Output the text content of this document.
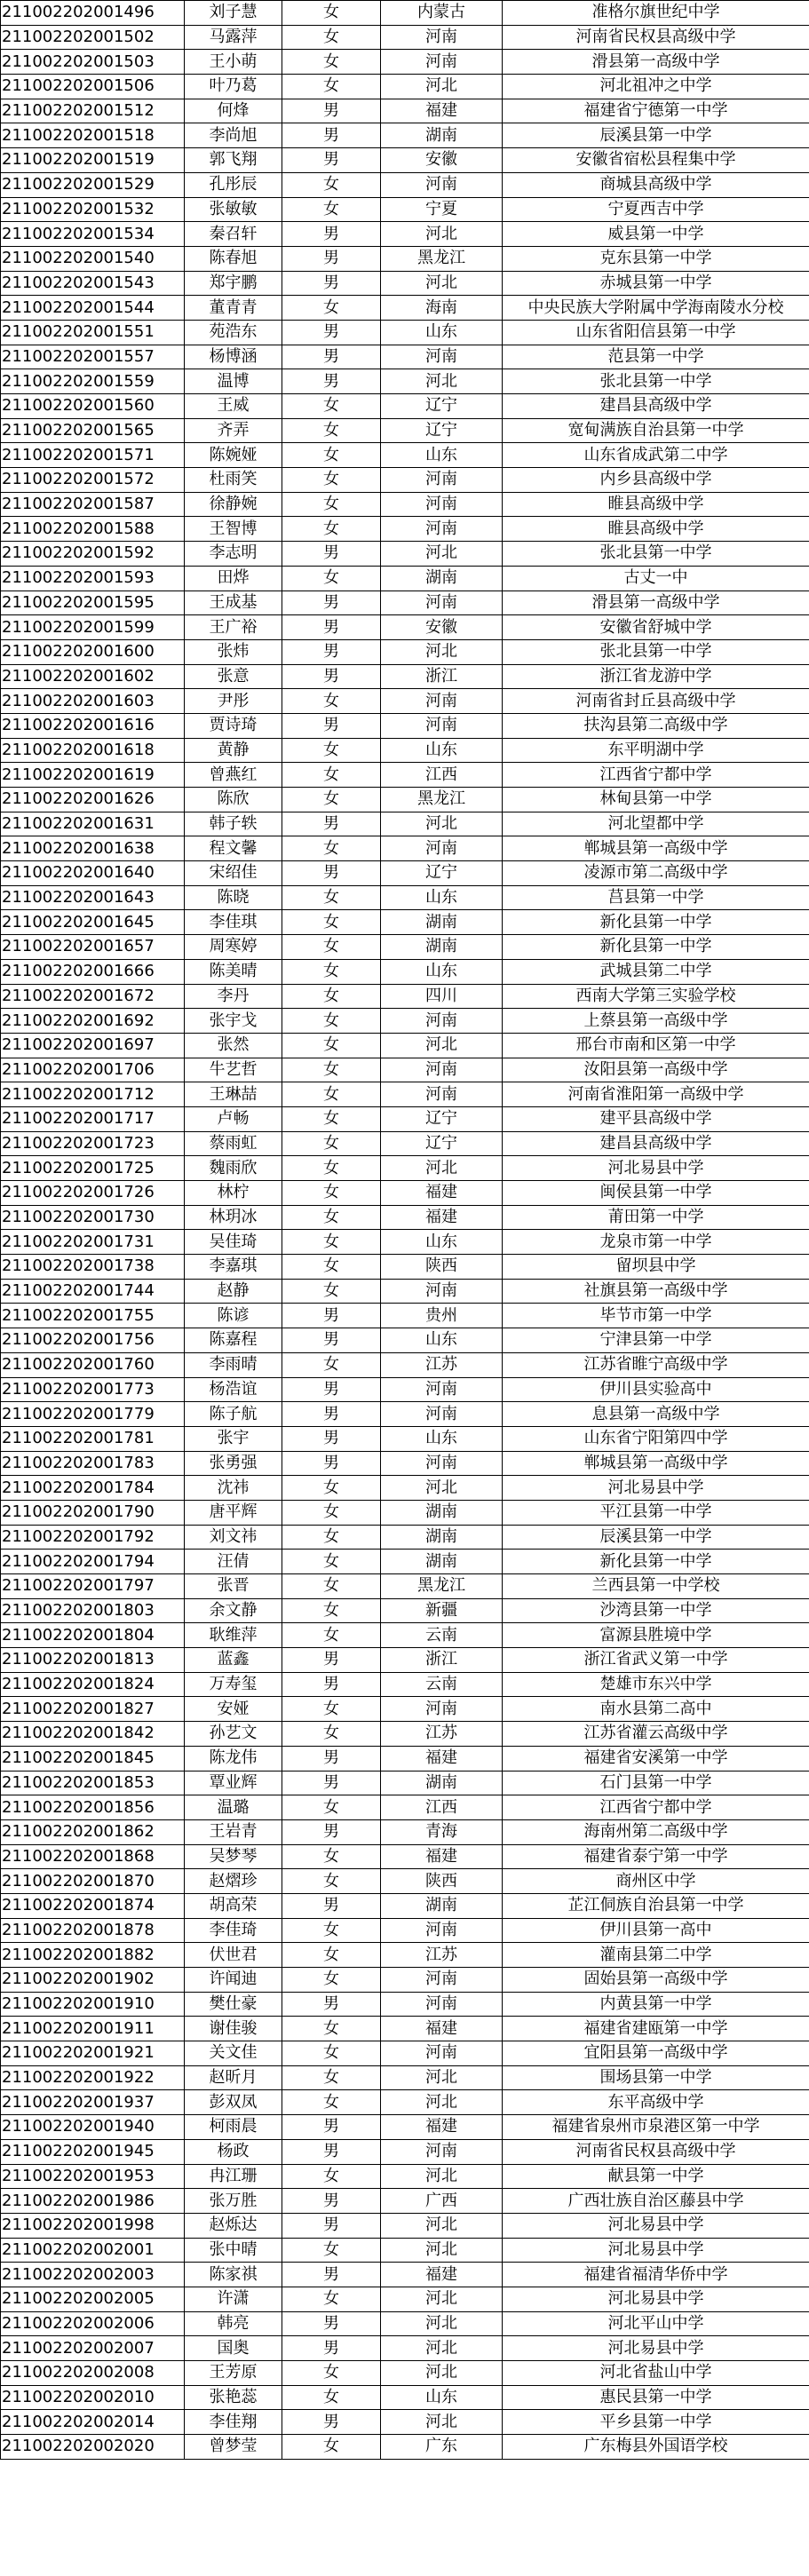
211002202001496	刘子慧	女	内蒙古	准格尔旗世纪中学
211002202001502	马露萍	女	河南	河南省民权县高级中学
211002202001503	王小萌	女	河南	滑县第一高级中学
211002202001506	叶乃葛	女	河北	河北祖冲之中学
211002202001512	何烽	男	福建	福建省宁德第一中学
211002202001518	李尚旭	男	湖南	辰溪县第一中学
211002202001519	郭飞翔	男	安徽	安徽省宿松县程集中学
211002202001529	孔彤辰	女	河南	商城县高级中学
211002202001532	张敏敏	女	宁夏	宁夏西吉中学
211002202001534	秦召轩	男	河北	威县第一中学
211002202001540	陈春旭	男	黑龙江	克东县第一中学
211002202001543	郑宇鹏	男	河北	赤城县第一中学
211002202001544	董青青	女	海南	中央民族大学附属中学海南陵水分校
211002202001551	苑浩东	男	山东	山东省阳信县第一中学
211002202001557	杨博涵	男	河南	范县第一中学
211002202001559	温博	男	河北	张北县第一中学
211002202001560	王威	女	辽宁	建昌县高级中学
211002202001565	齐弄	女	辽宁	宽甸满族自治县第一中学
211002202001571	陈婉娅	女	山东	山东省成武第二中学
211002202001572	杜雨笑	女	河南	内乡县高级中学
211002202001587	徐静婉	女	河南	睢县高级中学
211002202001588	王智博	女	河南	睢县高级中学
211002202001592	李志明	男	河北	张北县第一中学
211002202001593	田烨	女	湖南	古丈一中
211002202001595	王成基	男	河南	滑县第一高级中学
211002202001599	王广裕	男	安徽	安徽省舒城中学
211002202001600	张炜	男	河北	张北县第一中学
211002202001602	张意	男	浙江	浙江省龙游中学
211002202001603	尹彤	女	河南	河南省封丘县高级中学
211002202001616	贾诗琦	男	河南	扶沟县第二高级中学
211002202001618	黄静	女	山东	东平明湖中学
211002202001619	曾燕红	女	江西	江西省宁都中学
211002202001626	陈欣	女	黑龙江	林甸县第一中学
211002202001631	韩子轶	男	河北	河北望都中学
211002202001638	程文馨	女	河南	郸城县第一高级中学
211002202001640	宋绍佳	男	辽宁	凌源市第二高级中学
211002202001643	陈晓	女	山东	莒县第一中学
211002202001645	李佳琪	女	湖南	新化县第一中学
211002202001657	周寒婷	女	湖南	新化县第一中学
211002202001666	陈美晴	女	山东	武城县第二中学
211002202001672	李丹	女	四川	西南大学第三实验学校
211002202001692	张宇戈	女	河南	上蔡县第一高级中学
211002202001697	张然	女	河北	邢台市南和区第一中学
211002202001706	牛艺哲	女	河南	汝阳县第一高级中学
211002202001712	王琳喆	女	河南	河南省淮阳第一高级中学
211002202001717	卢畅	女	辽宁	建平县高级中学
211002202001723	蔡雨虹	女	辽宁	建昌县高级中学
211002202001725	魏雨欣	女	河北	河北易县中学
211002202001726	林柠	女	福建	闽侯县第一中学
211002202001730	林玥冰	女	福建	莆田第一中学
211002202001731	吴佳琦	女	山东	龙泉市第一中学
211002202001738	李嘉琪	女	陕西	留坝县中学
211002202001744	赵静	女	河南	社旗县第一高级中学
211002202001755	陈谚	男	贵州	毕节市第一中学
211002202001756	陈嘉程	男	山东	宁津县第一中学
211002202001760	李雨晴	女	江苏	江苏省睢宁高级中学
211002202001773	杨浩谊	男	河南	伊川县实验高中
211002202001779	陈子航	男	河南	息县第一高级中学
211002202001781	张宇	男	山东	山东省宁阳第四中学
211002202001783	张勇强	男	河南	郸城县第一高级中学
211002202001784	沈祎	女	河北	河北易县中学
211002202001790	唐平辉	女	湖南	平江县第一中学
211002202001792	刘文祎	女	湖南	辰溪县第一中学
211002202001794	汪倩	女	湖南	新化县第一中学
211002202001797	张晋	女	黑龙江	兰西县第一中学校
211002202001803	余文静	女	新疆	沙湾县第一中学
211002202001804	耿维萍	女	云南	富源县胜境中学
211002202001813	蓝鑫	男	浙江	浙江省武义第一中学
211002202001824	万寿玺	男	云南	楚雄市东兴中学
211002202001827	安娅	女	河南	南水县第二高中
211002202001842	孙艺文	女	江苏	江苏省灌云高级中学
211002202001845	陈龙伟	男	福建	福建省安溪第一中学
211002202001853	覃业辉	男	湖南	石门县第一中学
211002202001856	温璐	女	江西	江西省宁都中学
211002202001862	王岩青	男	青海	海南州第二高级中学
211002202001868	吴梦琴	女	福建	福建省泰宁第一中学
211002202001870	赵熠珍	女	陕西	商州区中学
211002202001874	胡高荣	男	湖南	芷江侗族自治县第一中学
211002202001878	李佳琦	女	河南	伊川县第一高中
211002202001882	伏世君	女	江苏	灌南县第二中学
211002202001902	许闻迪	女	河南	固始县第一高级中学
211002202001910	樊仕豪	男	河南	内黄县第一中学
211002202001911	谢佳骏	女	福建	福建省建瓯第一中学
211002202001921	关文佳	女	河南	宜阳县第一高级中学
211002202001922	赵昕月	女	河北	围场县第一中学
211002202001937	彭双凤	女	河北	东平高级中学
211002202001940	柯雨晨	男	福建	福建省泉州市泉港区第一中学
211002202001945	杨政	男	河南	河南省民权县高级中学
211002202001953	冉江珊	女	河北	献县第一中学
211002202001986	张万胜	男	广西	广西壮族自治区藤县中学
211002202001998	赵烁达	男	河北	河北易县中学
211002202002001	张中晴	女	河北	河北易县中学
211002202002003	陈家祺	男	福建	福建省福清华侨中学
211002202002005	许潇	女	河北	河北易县中学
211002202002006	韩亮	男	河北	河北平山中学
211002202002007	国奥	男	河北	河北易县中学
211002202002008	王芳原	女	河北	河北省盐山中学
211002202002010	张艳蕊	女	山东	惠民县第一中学
211002202002014	李佳翔	男	河北	平乡县第一中学
211002202002020	曾梦莹	女	广东	广东梅县外国语学校
